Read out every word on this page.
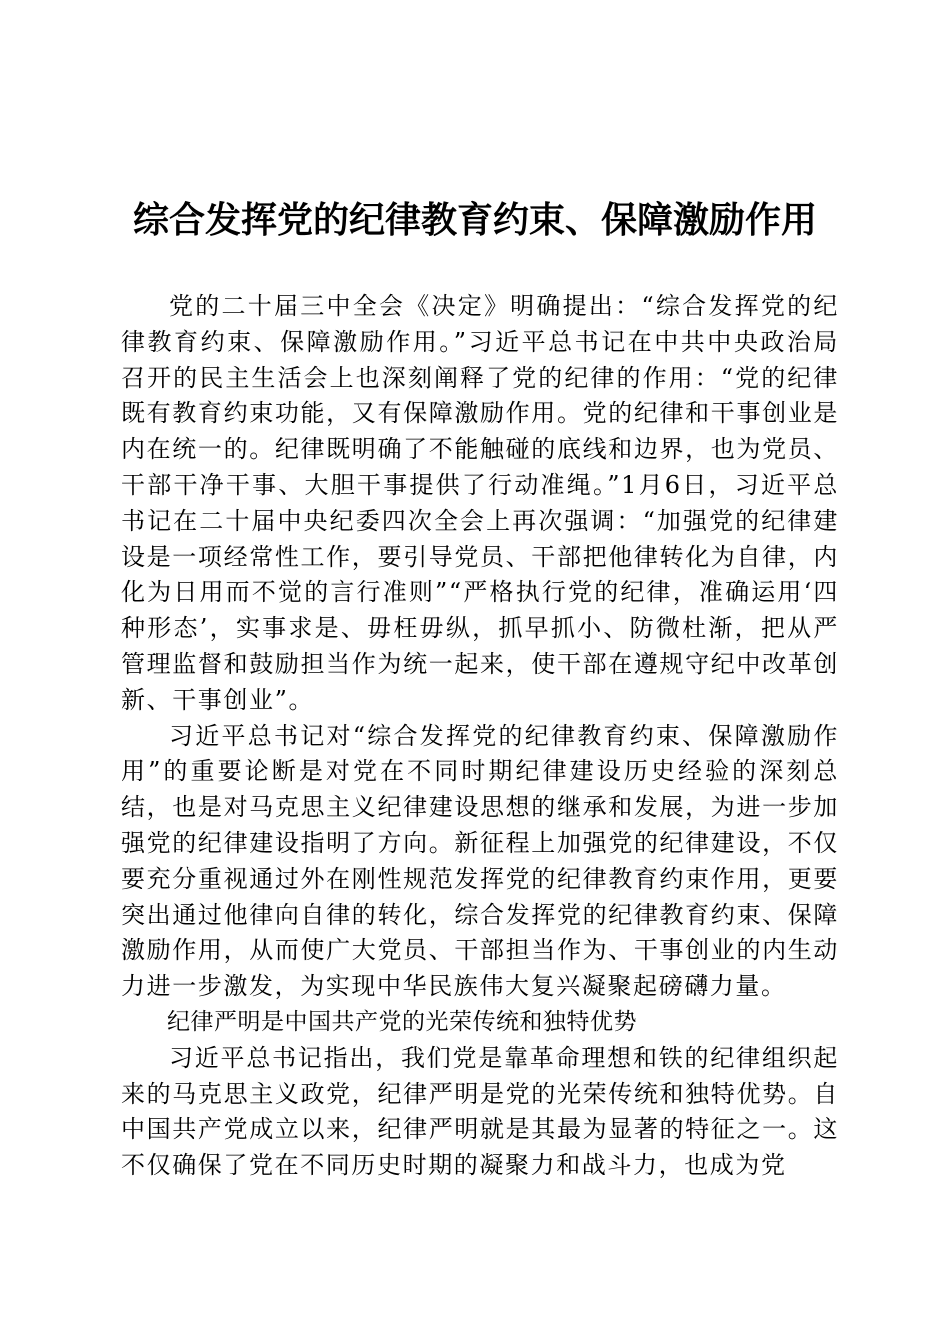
综合发挥党的纪律教育约束、保障激励作用

党的二十届三中全会《决定》明确提出：“综合发挥党的纪律教育约束、保障激励作用。”习近平总书记在中共中央政治局召开的民主生活会上也深刻阐释了党的纪律的作用：“党的纪律既有教育约束功能，又有保障激励作用。党的纪律和干事创业是内在统一的。纪律既明确了不能触碰的底线和边界，也为党员、干部干净干事、大胆干事提供了行动准绳。”1月6日，习近平总书记在二十届中央纪委四次全会上再次强调：“加强党的纪律建设是一项经常性工作，要引导党员、干部把他律转化为自律，内化为日用而不觉的言行准则”“严格执行党的纪律，准确运用‘四种形态’，实事求是、毋枉毋纵，抓早抓小、防微杜渐，把从严管理监督和鼓励担当作为统一起来，使干部在遵规守纪中改革创新、干事创业”。

习近平总书记对“综合发挥党的纪律教育约束、保障激励作用”的重要论断是对党在不同时期纪律建设历史经验的深刻总结，也是对马克思主义纪律建设思想的继承和发展，为进一步加强党的纪律建设指明了方向。新征程上加强党的纪律建设，不仅要充分重视通过外在刚性规范发挥党的纪律教育约束作用，更要突出通过他律向自律的转化，综合发挥党的纪律教育约束、保障激励作用，从而使广大党员、干部担当作为、干事创业的内生动力进一步激发，为实现中华民族伟大复兴凝聚起磅礴力量。

纪律严明是中国共产党的光荣传统和独特优势

习近平总书记指出，我们党是靠革命理想和铁的纪律组织起来的马克思主义政党，纪律严明是党的光荣传统和独特优势。自中国共产党成立以来，纪律严明就是其最为显著的特征之一。这不仅确保了党在不同历史时期的凝聚力和战斗力，也成为党
